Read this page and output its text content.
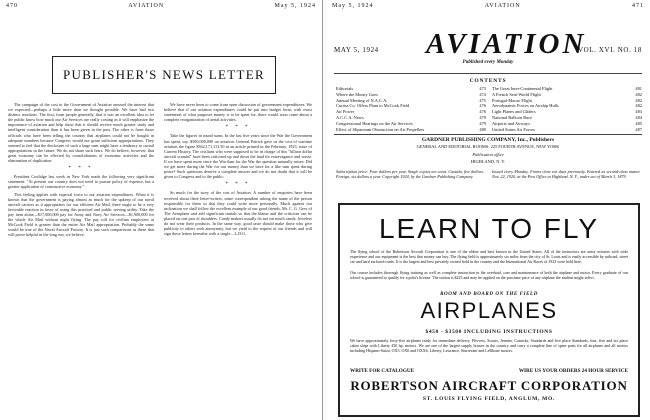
470	AVIATION	May 5, 1924
PUBLISHER'S NEWS LETTER

The campaign of the cost to the Government of Aviation aroused the interest that we expected—perhaps a little more than we thought possible. We have had two distinct reactions. The first, from people generally, that it was an excellent idea to let the public know how much our Air Services are really costing as it will emphasize the importance of aviation and help show that it should receive much greater study and intelligent consideration than it has been given in the past. The other is from those officials who have been telling the country that airplanes could not be bought in adequate numbers because Congress would not grant sufficient appropriations. They seemed to feel that the disclosure of such a large sum might have a tendency to curtail appropriations in the future. We do not share such fears. We do believe, however, that great economy can be effected by consolidations of economic activities and the elimination of duplication.

* * *

President Coolidge last week in New York made the following very significant statement: "At present our country does not need to pursue policy of expense, but a greater application of constructive economy."

This feeling applies with especial force to our aviation expenditures. When it is known that the government is paying almost as much for the upkeep of our naval aircraft carriers as it appropriates for our efficient Air Mail, there ought to be a very favorable reaction in favor of using this practical and public serving utility. Take the pay item alone—$17,000,000 pay for Army and Navy Air Services—$1,900,000 for the whole Air Mail without night flying. The pay roll for civilian employees at McCook Field is greater than the entire Air Mail appropriation. Probably the same would be true of the Naval Aircraft Factory. It is just such comparisons as these that will prove helpful in the long run, we believe.

We have never been to come from open discussion of government expenditures. We believe that if our aviation expenditures could be put into budget form, with exact statements of what purposes money is to be spent for, there would soon come about a complete reorganization of aerial activities.

* * *

Take the figures in round sums. In the last five years since the War the Government has spent, say, $500,000,000 on aviation. General Patrick gave us the cost of wartime aviation the figure $362,171,113.50 in an article printed in the February, 1923, issue of Current History. The civilians who were supposed to be in charge of this "billion dollar aircraft scandal" have been criticized up and down the land for extravagance and waste. If we have spent more since the War than for the War the question naturally arises: Did we get more during the War for our money than we have for a like sum spent during peace? Such questions deserve a complete answer and we do not doubt that it will be given to Congress and to the public.

* * *

So much for the story of the cost of Aviation. A number of enquiries have been received about three letter-writers, some correspondent asking the name of the person responsible for them so that they could write more personally. Much against our inclination we shall follow the excellent example of our good friends, Mr. C. G. Grey of The Aeroplane and add significant initials so that the blame and the criticism can be placed on one pair of shoulders. Candy makers usually do not eat much candy. Jewelers do not wear their products. In the same way, good taste should make those who give publicity to others seek anonymity, but we yield to the request of our friends and will sign these letters hereafter with a single—L.D.G.

May 5, 1924	AVIATION	471
MAY 5, 1924 AVIATION
VOL. XVI. NO. 18
Published every Monday
CONTENTS
Editorials	473
Where the Money Goes	474
Annual Meeting of N.A.C.A.	475
Curtiss Co. Offers Plant to McCook Field	476
Air Power	476
A.C.C.A. News	479
Congressional Hearings on the Air Services	479
Effect of Slipstream Obstruction on Air Propellers	480
The Great Inter-Continental Flight	481
A French Seat-World Flight	482
Portugal-Macao Flight	482
Aerodynamic Forces on Airship Hulls	482
Light Planes and Gliders	483
National Balloon Race	484
Airports and Airways	485
United States Air Forces	487
GARDNER PUBLISHING COMPANY, Inc., Publishers
GENERAL AND EDITORIAL ROOMS: 225 FOURTH AVENUE, NEW YORK
Publication office
HIGHLAND, N. Y.
Subscription price: Four dollars per year. Single copies ten cents. Canada, five dollars. Foreign, six dollars a year. Copyright 1924, by the Gardner Publishing Company.
Issued every Monday. Forms close ten days previously. Entered as second-class matter Nov. 22, 1920, at the Post Office at Highland, N. Y., under act of March 3, 1879.
LEARN TO FLY
The flying school of the Robertson Aircraft Corporation is one of the oldest and best known in the United States. All of the instructors are army aviators with wide experience and our equipment is the best that money can buy. The flying field is approximately six miles from the city of St. Louis and is easily accessible by railroad, street car and hard surfaced roads. It is the largest and best privately owned field in the country and the International Air Races of 1923 were held here.
Our course includes thorough flying training as well as complete instruction in the overhaul, care and maintenance of both the airplane and motor. Every graduate of our school is guaranteed to qualify for a pilot's license. The tuition is $225 and may be applied on the purchase price of any airplane the student might select.
ROOM AND BOARD ON THE FIELD
AIRPLANES
$450 - $3500 INCLUDING INSTRUCTIONS
We have approximately forty-five airplanes ready for immediate delivery. Flivvers, Scouts, Jennies, Canucks, Standards and five place Standards, four, five and six place cabin ships with Liberty 450 hp. motors. We are one of the largest supply houses in the country and carry a complete line of spare parts for all airplanes and all motors including Hispano-Suiza, OX5, OX6 and OXX6, Liberty, Lawrance, Sturtevant and LeRhone motors.
WRITE FOR CATALOGUE	WIRE US YOUR ORDERS 24 HOUR SERVICE
ROBERTSON AIRCRAFT CORPORATION
ST. LOUIS FLYING FIELD, ANGLUM, MO.
